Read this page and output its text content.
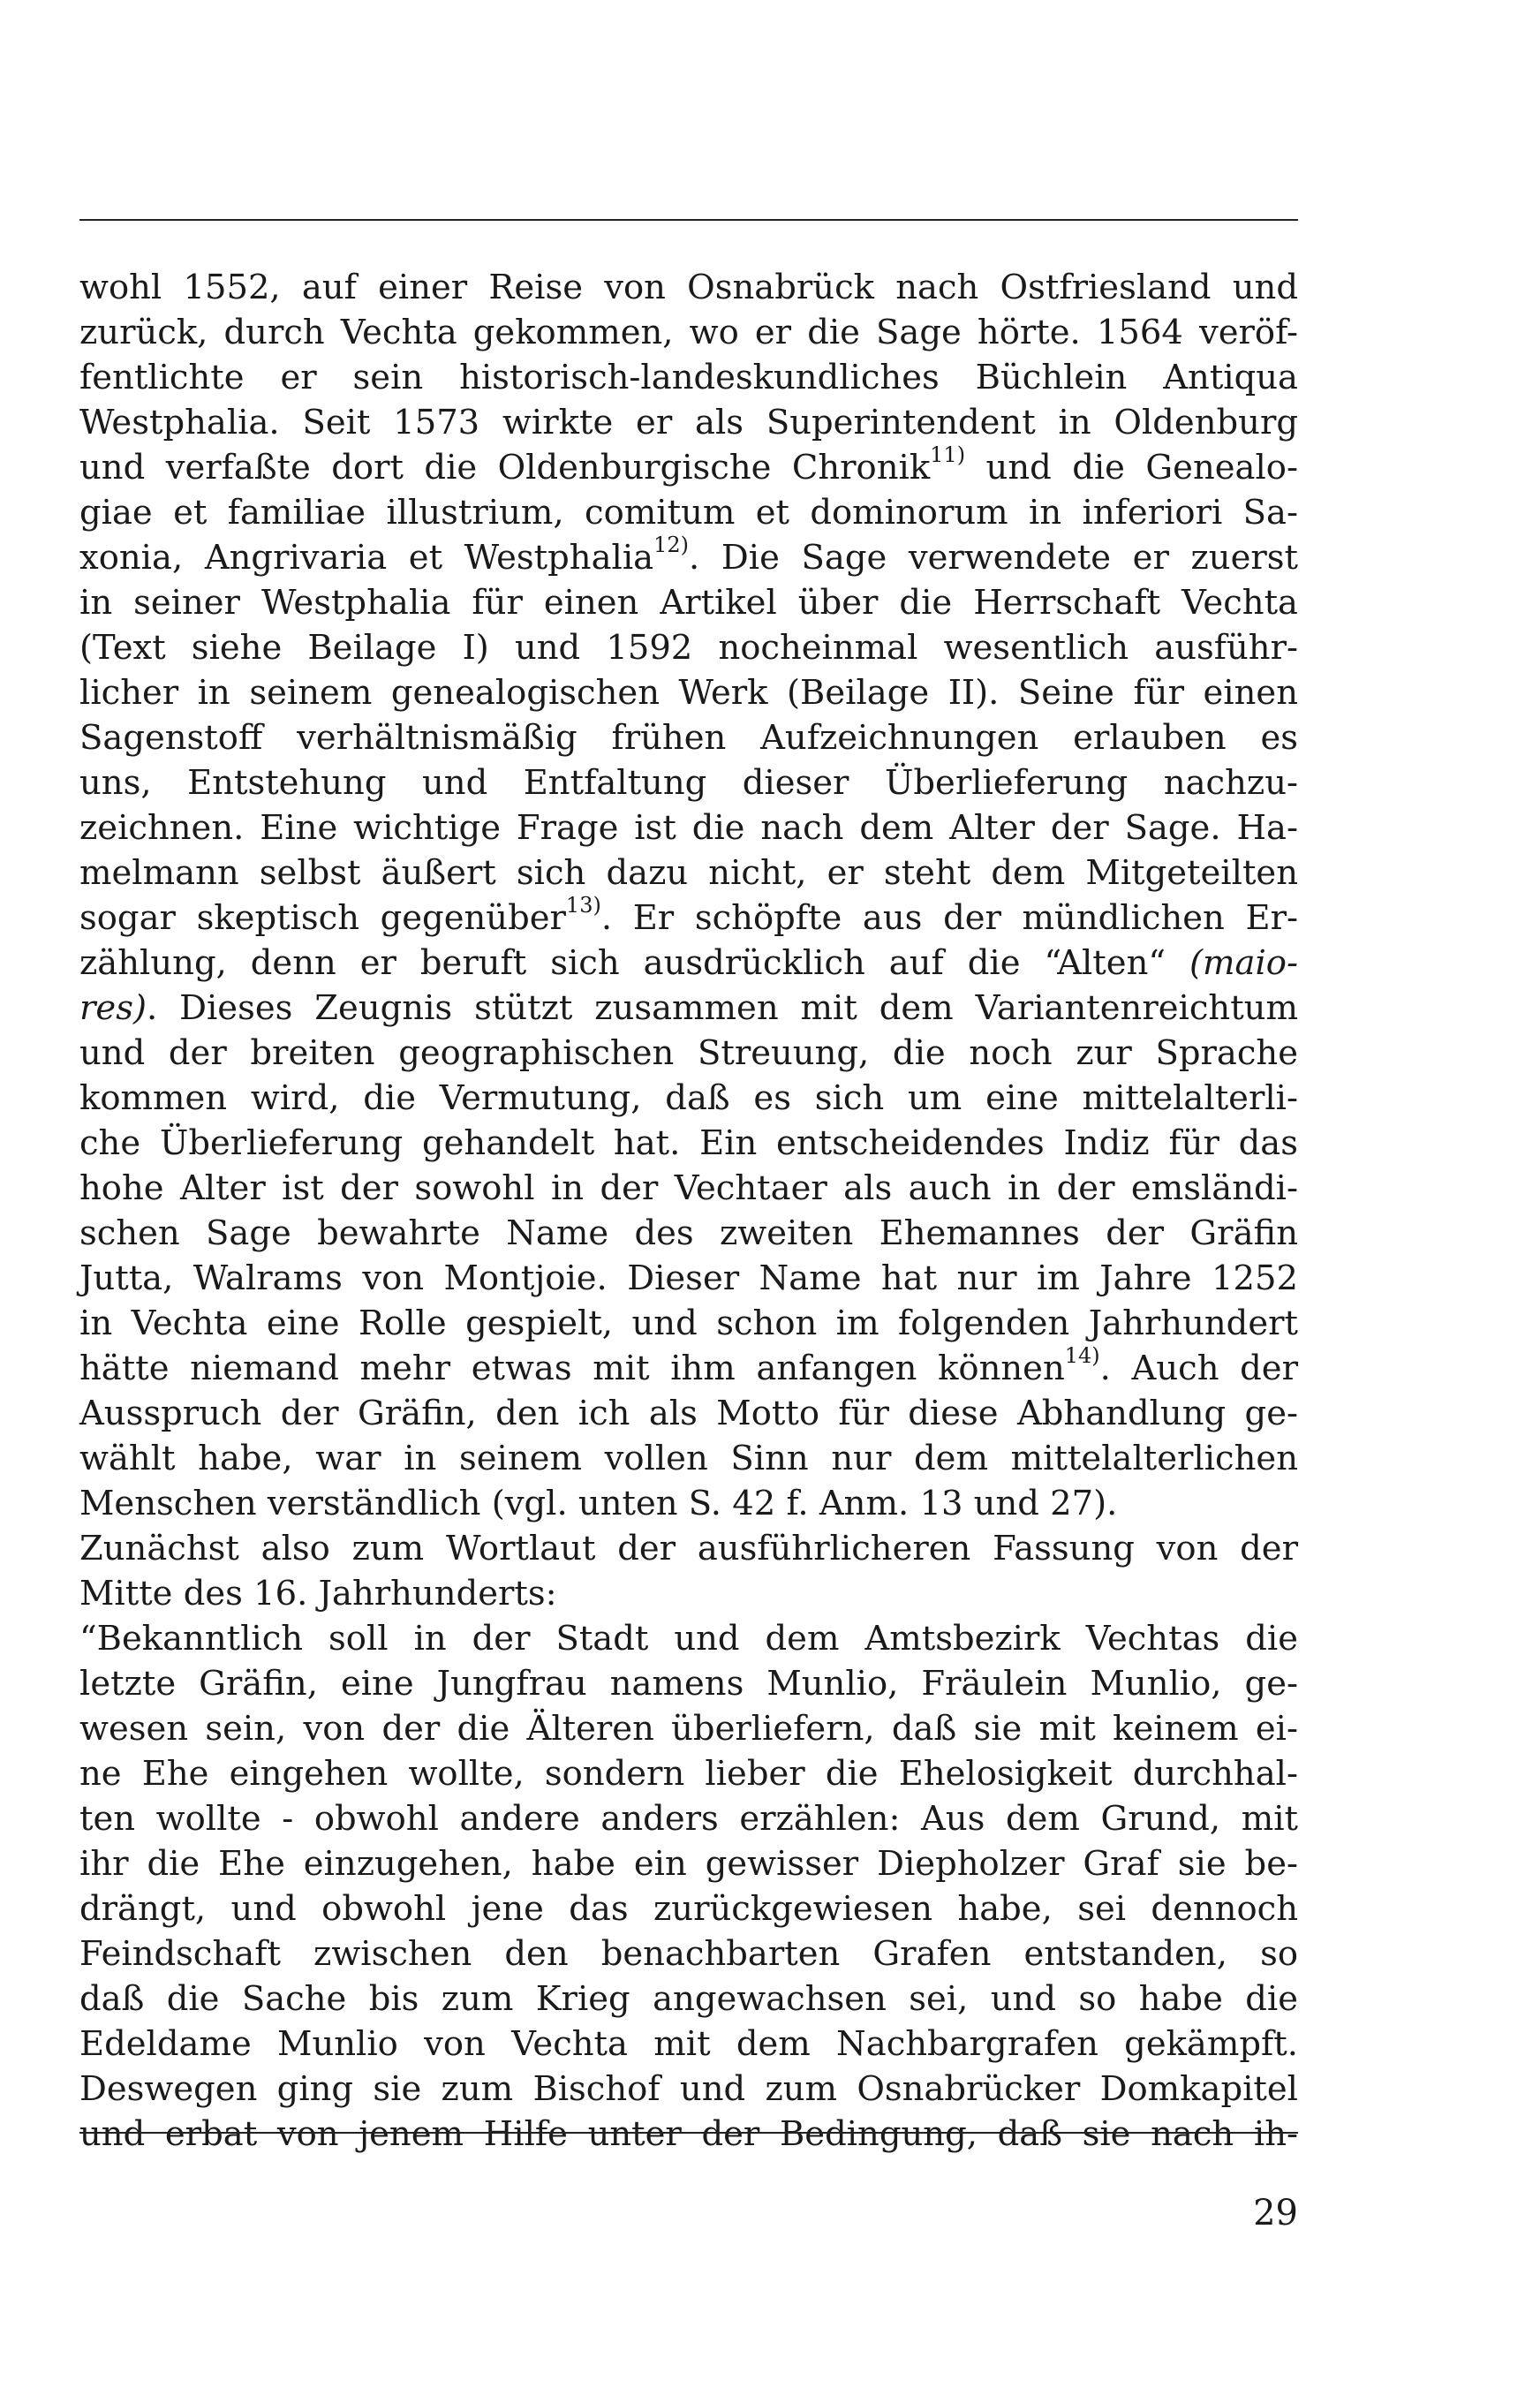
wohl 1552, auf einer Reise von Osnabrück nach Ostfriesland und
zurück, durch Vechta gekommen, wo er die Sage hörte. 1564 veröf-
fentlichte er sein historisch-landeskundliches Büchlein Antiqua
Westphalia. Seit 1573 wirkte er als Superintendent in Oldenburg
und verfaßte dort die Oldenburgische Chronik$^{11)}$ und die Genealo-
giae et familiae illustrium, comitum et dominorum in inferiori Sa-
xonia, Angrivaria et Westphalia$^{12)}$. Die Sage verwendete er zuerst
in seiner Westphalia für einen Artikel über die Herrschaft Vechta
(Text siehe Beilage I) und 1592 nocheinmal wesentlich ausführ-
licher in seinem genealogischen Werk (Beilage II). Seine für einen
Sagenstoff verhältnismäßig frühen Aufzeichnungen erlauben es
uns, Entstehung und Entfaltung dieser Überlieferung nachzu-
zeichnen. Eine wichtige Frage ist die nach dem Alter der Sage. Ha-
melmann selbst äußert sich dazu nicht, er steht dem Mitgeteilten
sogar skeptisch gegenüber$^{13)}$. Er schöpfte aus der mündlichen Er-
zählung, denn er beruft sich ausdrücklich auf die “Alten“ (maio-
res). Dieses Zeugnis stützt zusammen mit dem Variantenreichtum
und der breiten geographischen Streuung, die noch zur Sprache
kommen wird, die Vermutung, daß es sich um eine mittelalterli-
che Überlieferung gehandelt hat. Ein entscheidendes Indiz für das
hohe Alter ist der sowohl in der Vechtaer als auch in der emsländi-
schen Sage bewahrte Name des zweiten Ehemannes der Gräfin
Jutta, Walrams von Montjoie. Dieser Name hat nur im Jahre 1252
in Vechta eine Rolle gespielt, und schon im folgenden Jahrhundert
hätte niemand mehr etwas mit ihm anfangen können$^{14)}$. Auch der
Ausspruch der Gräfin, den ich als Motto für diese Abhandlung ge-
wählt habe, war in seinem vollen Sinn nur dem mittelalterlichen
Menschen verständlich (vgl. unten S. 42 f. Anm. 13 und 27).
Zunächst also zum Wortlaut der ausführlicheren Fassung von der
Mitte des 16. Jahrhunderts:
“Bekanntlich soll in der Stadt und dem Amtsbezirk Vechtas die
letzte Gräfin, eine Jungfrau namens Munlio, Fräulein Munlio, ge-
wesen sein, von der die Älteren überliefern, daß sie mit keinem ei-
ne Ehe eingehen wollte, sondern lieber die Ehelosigkeit durchhal-
ten wollte - obwohl andere anders erzählen: Aus dem Grund, mit
ihr die Ehe einzugehen, habe ein gewisser Diepholzer Graf sie be-
drängt, und obwohl jene das zurückgewiesen habe, sei dennoch
Feindschaft zwischen den benachbarten Grafen entstanden, so
daß die Sache bis zum Krieg angewachsen sei, und so habe die
Edeldame Munlio von Vechta mit dem Nachbargrafen gekämpft.
Deswegen ging sie zum Bischof und zum Osnabrücker Domkapitel
und erbat von jenem Hilfe unter der Bedingung, daß sie nach ih-
29
